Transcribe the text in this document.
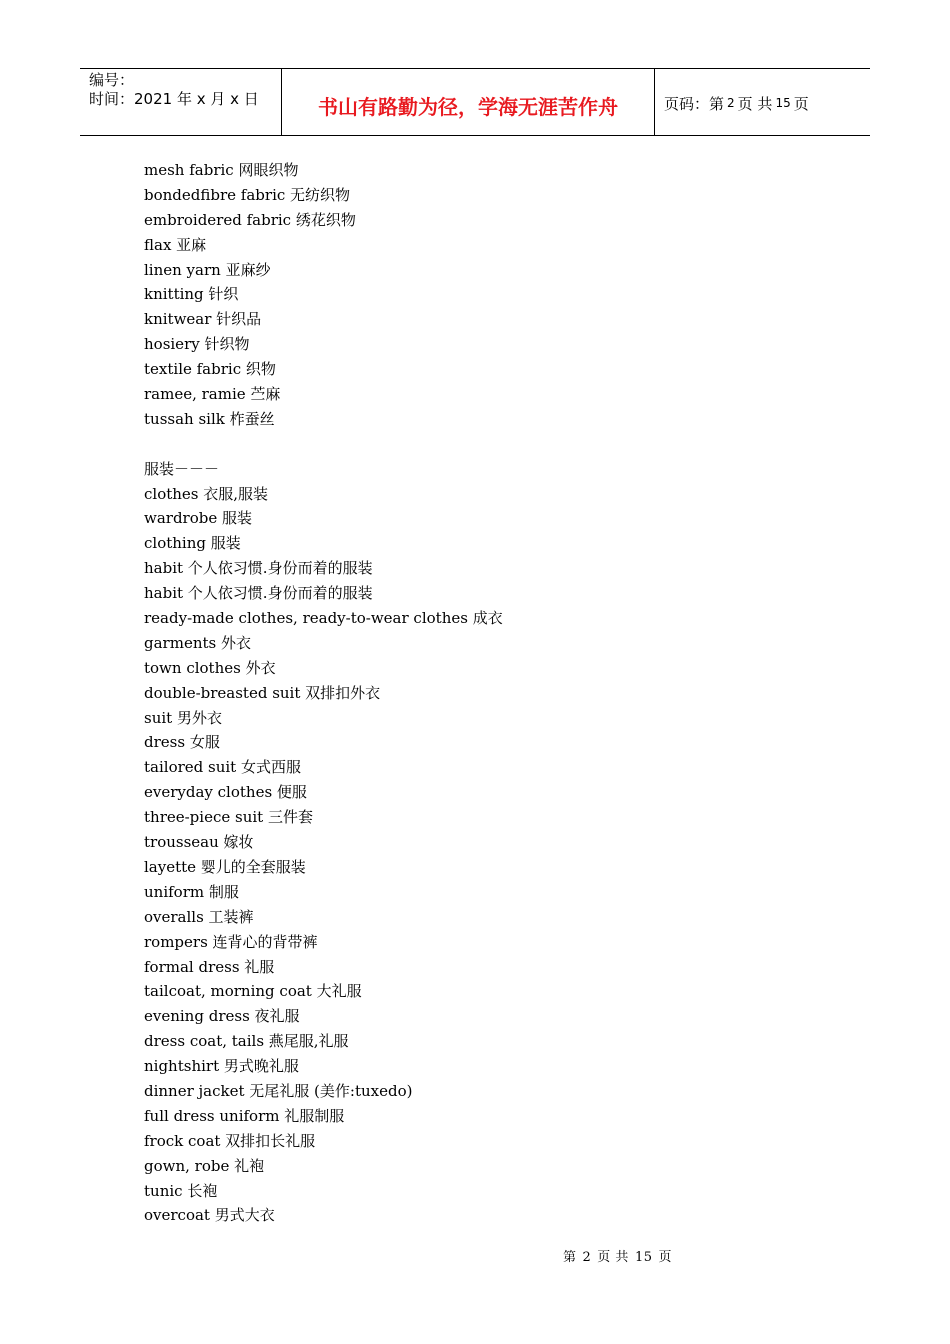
编号：
时间：2021 年 x 月 x 日	书山有路勤为径，学海无涯苦作舟	页码：第 2 页 共 15 页
mesh fabric 网眼织物
bondedfibre fabric 无纺织物
embroidered fabric 绣花织物
flax 亚麻
linen yarn 亚麻纱
knitting 针织
knitwear 针织品
hosiery 针织物
textile fabric 织物
ramee, ramie 苎麻
tussah silk 柞蚕丝
服装－－－
clothes 衣服,服装
wardrobe 服装
clothing 服装
habit 个人依习惯.身份而着的服装
habit 个人依习惯.身份而着的服装
ready-made clothes, ready-to-wear clothes 成衣
garments 外衣
town clothes 外衣
double-breasted suit 双排扣外衣
suit 男外衣
dress 女服
tailored suit 女式西服
everyday clothes 便服
three-piece suit 三件套
trousseau 嫁妆
layette 婴儿的全套服装
uniform 制服
overalls 工装裤
rompers 连背心的背带裤
formal dress 礼服
tailcoat, morning coat 大礼服
evening dress 夜礼服
dress coat, tails 燕尾服,礼服
nightshirt 男式晚礼服
dinner jacket 无尾礼服 (美作:tuxedo)
full dress uniform 礼服制服
frock coat 双排扣长礼服
gown, robe 礼袍
tunic 长袍
overcoat 男式大衣
第 2 页 共 15 页
